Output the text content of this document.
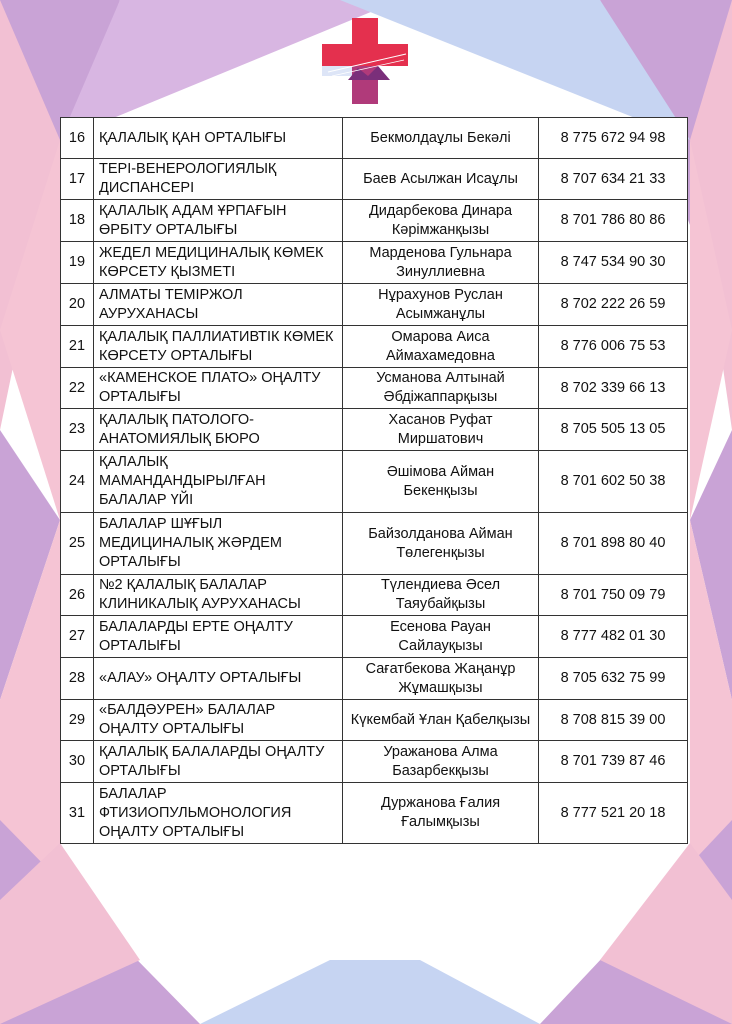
16	ҚАЛАЛЫҚ ҚАН ОРТАЛЫҒЫ	Бекмолдаұлы Бекәлі	8 775 672 94 98
17	ТЕРІ-ВЕНЕРОЛОГИЯЛЫҚ ДИСПАНСЕРІ	Баев Асылжан Исаұлы	8 707 634 21 33
18	ҚАЛАЛЫҚ АДАМ ҰРПАҒЫН ӨРБІТУ ОРТАЛЫҒЫ	Дидарбекова Динара Кәрімжанқызы	8 701 786 80 86
19	ЖЕДЕЛ МЕДИЦИНАЛЫҚ КӨМЕК КӨРСЕТУ ҚЫЗМЕТІ	Марденова Гульнара Зинуллиевна	8 747 534 90 30
20	АЛМАТЫ ТЕМІРЖОЛ АУРУХАНАСЫ	Нұрахунов Руслан Асымжанұлы	8 702 222 26 59
21	ҚАЛАЛЫҚ ПАЛЛИАТИВТІК КӨМЕК КӨРСЕТУ ОРТАЛЫҒЫ	Омарова Аиса Аймахамедовна	8 776 006 75 53
22	«КАМЕНСКОЕ ПЛАТО» ОҢАЛТУ ОРТАЛЫҒЫ	Усманова Алтынай Әбдіжаппарқызы	8 702 339 66 13
23	ҚАЛАЛЫҚ ПАТОЛОГО-АНАТОМИЯЛЫҚ БЮРО	Хасанов Руфат Миршатович	8 705 505 13 05
24	ҚАЛАЛЫҚ МАМАНДАНДЫРЫЛҒАН БАЛАЛАР ҮЙІ	Әшімова Айман Бекенқызы	8 701 602 50 38
25	БАЛАЛАР ШҰҒЫЛ МЕДИЦИНАЛЫҚ ЖӘРДЕМ ОРТАЛЫҒЫ	Байзолданова Айман Төлегенқызы	8 701 898 80 40
26	№2 ҚАЛАЛЫҚ БАЛАЛАР КЛИНИКАЛЫҚ АУРУХАНАСЫ	Түлендиева Әсел Таяубайқызы	8 701 750 09 79
27	БАЛАЛАРДЫ ЕРТЕ ОҢАЛТУ ОРТАЛЫҒЫ	Есенова Рауан Сайлауқызы	8 777 482 01 30
28	«АЛАУ» ОҢАЛТУ ОРТАЛЫҒЫ	Сағатбекова Жаңанұр Жұмашқызы	8 705 632 75 99
29	«БАЛДӘУРЕН» БАЛАЛАР ОҢАЛТУ ОРТАЛЫҒЫ	Күкембай Ұлан Қабелқызы	8 708 815 39 00
30	ҚАЛАЛЫҚ БАЛАЛАРДЫ ОҢАЛТУ ОРТАЛЫҒЫ	Уражанова Алма Базарбекқызы	8 701 739 87 46
31	БАЛАЛАР ФТИЗИОПУЛЬМОНОЛОГИЯ ОҢАЛТУ ОРТАЛЫҒЫ	Дуржанова Ғалия Ғалымқызы	8 777 521 20 18
